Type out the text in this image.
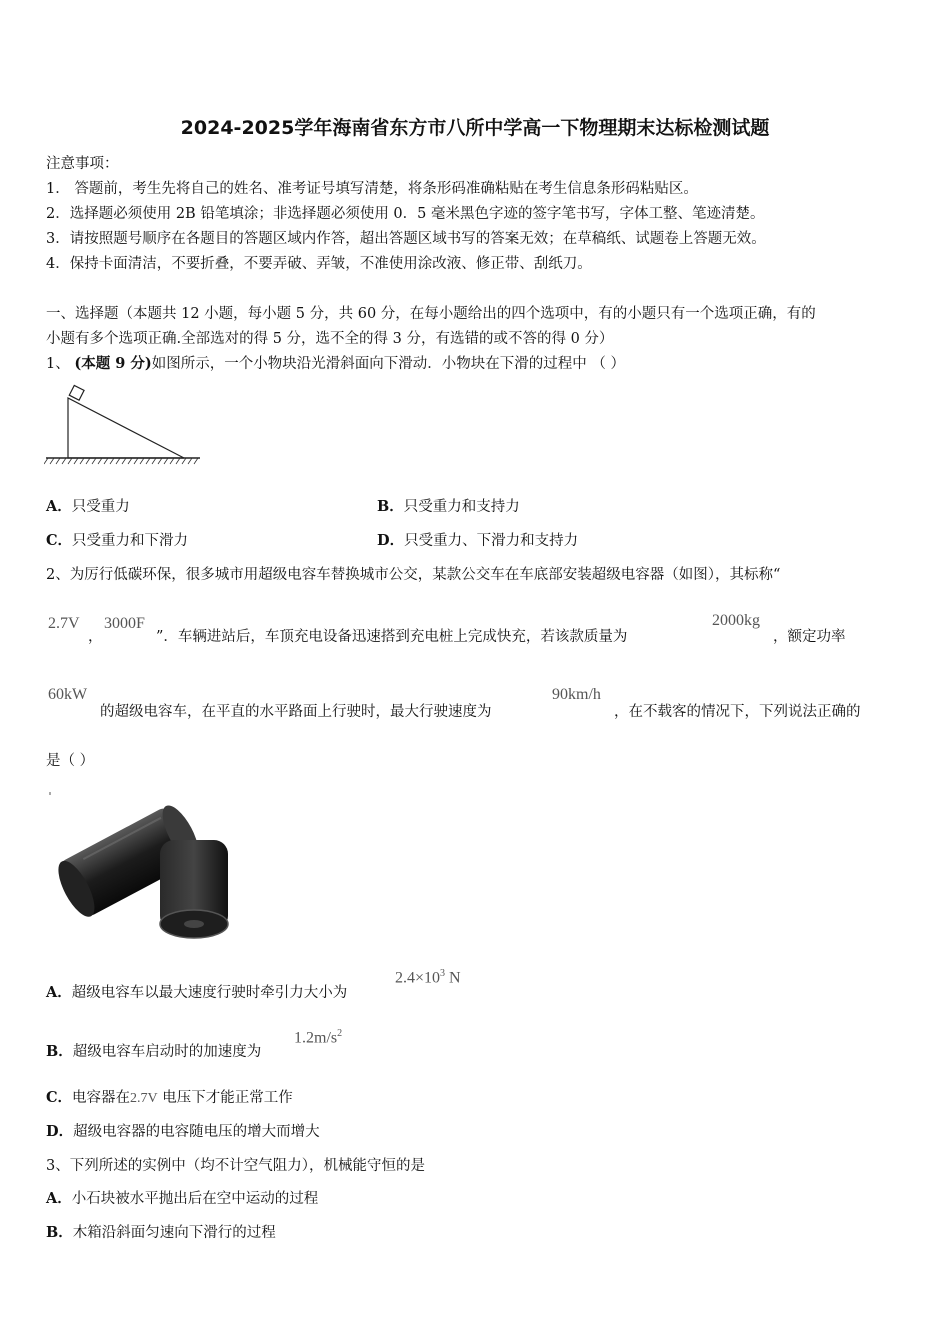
2024-2025学年海南省东方市八所中学高一下物理期末达标检测试题
注意事项：
1． 答题前，考生先将自己的姓名、准考证号填写清楚，将条形码准确粘贴在考生信息条形码粘贴区。
2．选择题必须使用 2B 铅笔填涂；非选择题必须使用 0．5 毫米黑色字迹的签字笔书写，字体工整、笔迹清楚。
3．请按照题号顺序在各题目的答题区域内作答，超出答题区域书写的答案无效；在草稿纸、试题卷上答题无效。
4．保持卡面清洁，不要折叠，不要弄破、弄皱，不准使用涂改液、修正带、刮纸刀。
一、选择题（本题共 12 小题，每小题 5 分，共 60 分，在每小题给出的四个选项中，有的小题只有一个选项正确，有的
小题有多个选项正确.全部选对的得 5 分，选不全的得 3 分，有选错的或不答的得 0 分）
1、 (本题 9 分)如图所示，一个小物块沿光滑斜面向下滑动．小物块在下滑的过程中 （ ）
A．只受重力	B．只受重力和支持力
C．只受重力和下滑力	D．只受重力、下滑力和支持力
2、为厉行低碳环保，很多城市用超级电容车替换城市公交，某款公交车在车底部安装超级电容器（如图），其标称“
2.7V
，
3000F
”．车辆进站后，车顶充电设备迅速搭到充电桩上完成快充，若该款质量为
2000kg
，额定功率
60kW
的超级电容车，在平直的水平路面上行驶时，最大行驶速度为
90km/h
，在不载客的情况下，下列说法正确的
是（ ）
A．超级电容车以最大速度行驶时牵引力大小为
$2.4\times 10^3$ N
B．超级电容车启动时的加速度为
$1.2m/s^2$
C．电容器在2.7V 电压下才能正常工作
D．超级电容器的电容随电压的增大而增大
3、下列所述的实例中（均不计空气阻力），机械能守恒的是
A．小石块被水平抛出后在空中运动的过程
B．木箱沿斜面匀速向下滑行的过程
